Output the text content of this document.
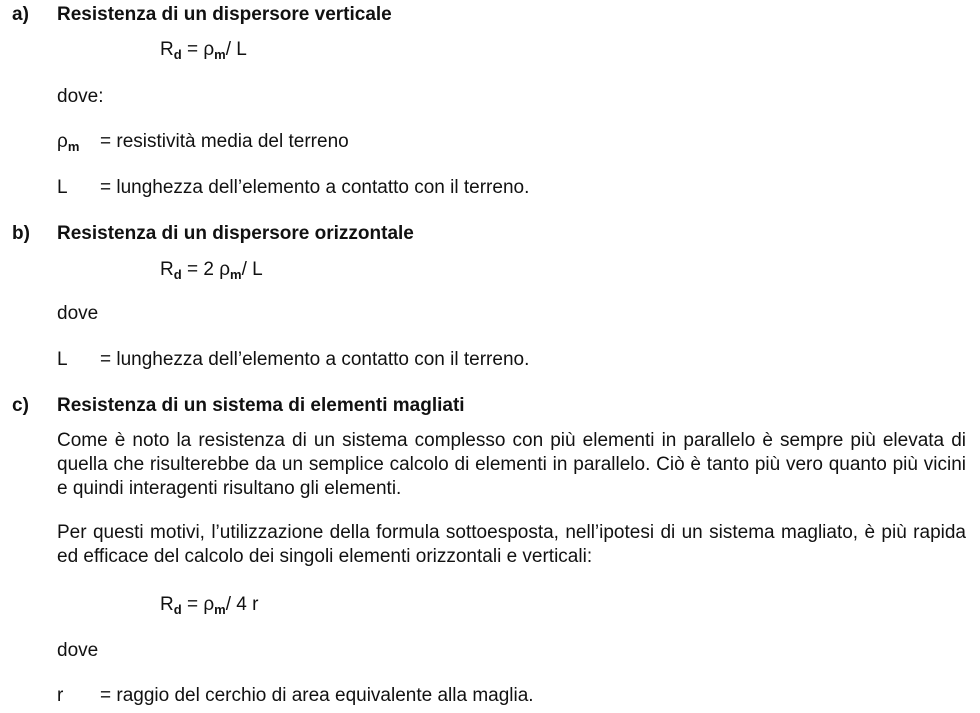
a) Resistenza di un dispersore verticale
$R_d = \rho_m/$ L
dove:
$\rho_m$ = resistività media del terreno
L = lunghezza dell’elemento a contatto con il terreno.
b) Resistenza di un dispersore orizzontale
$R_d = 2$ $\rho_m/$ L
dove
L = lunghezza dell’elemento a contatto con il terreno.
c) Resistenza di un sistema di elementi magliati
Come è noto la resistenza di un sistema complesso con più elementi in parallelo è sempre più elevata di quella che risulterebbe da un semplice calcolo di elementi in parallelo. Ciò è tanto più vero quanto più vicini e quindi interagenti risultano gli elementi.
Per questi motivi, l’utilizzazione della formula sottoesposta, nell’ipotesi di un sistema magliato, è più rapida ed efficace del calcolo dei singoli elementi orizzontali e verticali:
$R_d = \rho_m/$ 4 r
dove
r = raggio del cerchio di area equivalente alla maglia.
